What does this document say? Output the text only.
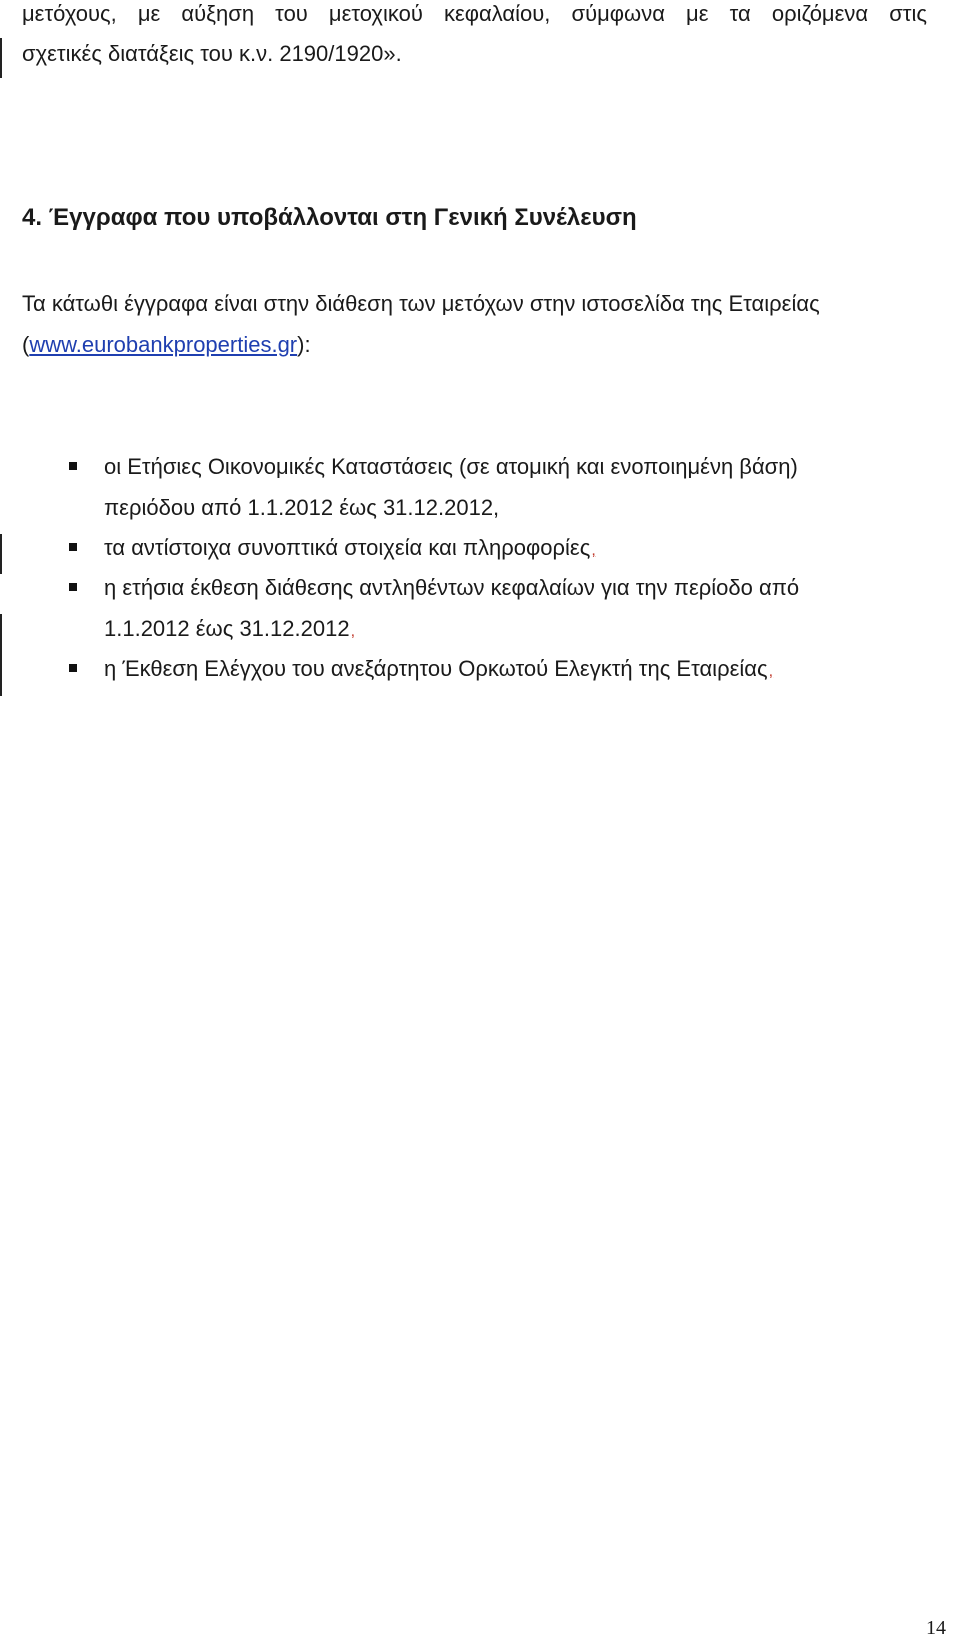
μετόχους, με αύξηση του μετοχικού κεφαλαίου, σύμφωνα με τα οριζόμενα στις
σχετικές διατάξεις του κ.ν. 2190/1920».
4. Έγγραφα που υποβάλλονται στη Γενική Συνέλευση
Τα κάτωθι έγγραφα είναι στην διάθεση των μετόχων στην ιστοσελίδα της Εταιρείας
(www.eurobankproperties.gr):
οι Ετήσιες Οικονομικές Καταστάσεις (σε ατομική και ενοποιημένη βάση)
περιόδου από 1.1.2012 έως 31.12.2012,
τα αντίστοιχα συνοπτικά στοιχεία και πληροφορίες,
η ετήσια έκθεση διάθεσης αντληθέντων κεφαλαίων για την περίοδο από
1.1.2012 έως 31.12.2012,
η Έκθεση Ελέγχου του ανεξάρτητου Ορκωτού Ελεγκτή της Εταιρείας,
14
